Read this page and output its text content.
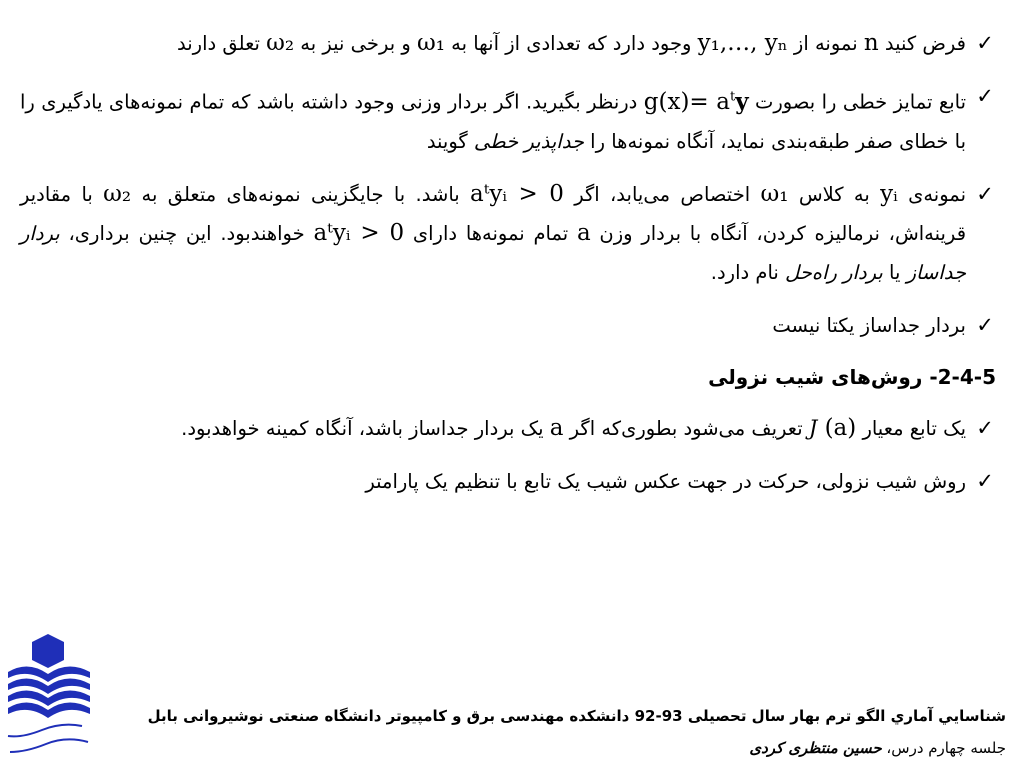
✓
فرض کنید n نمونه از y₁,…, yₙ وجود دارد که تعدادی از آنها به ω₁ و برخی نیز به ω₂ تعلق دارند

✓
تابع تمایز خطی را بصورت $g(x)= a^ty$ درنظر بگیرید. اگر بردار وزنی وجود داشته باشد که تمام نمونه‌های یادگیری را با خطای صفر طبقه‌بندی نماید، آنگاه نمونه‌ها را جداپذیر خطی گویند

✓
نمونه‌ی yᵢ به کلاس ω₁ اختصاص می‌یابد، اگر aᵗyᵢ > 0 باشد. با جایگزینی نمونه‌های متعلق به ω₂ با مقادیر قرینه‌اش، نرمالیزه کردن، آنگاه با بردار وزن a تمام نمونه‌ها دارای aᵗyᵢ > 0 خواهندبود. این چنین برداری، بردار جداساز یا بردار راه‌حل نام دارد.

✓
بردار جداساز یکتا نیست

2-4-5- روش‌های شیب نزولی

✓
یک تابع معیار J (a) تعریف می‌شود بطوری‌که اگر a یک بردار جداساز باشد، آنگاه کمینه خواهدبود.

✓
روش شیب نزولی، حرکت در جهت عکس شیب یک تابع با تنظیم یک پارامتر

شناسايي آماري الگو ترم بهار سال تحصیلی 93-92 دانشکده مهندسی برق و کامپیوتر دانشگاه صنعتی نوشیروانی بابل
جلسه چهارم درس، حسین منتظری کردی
